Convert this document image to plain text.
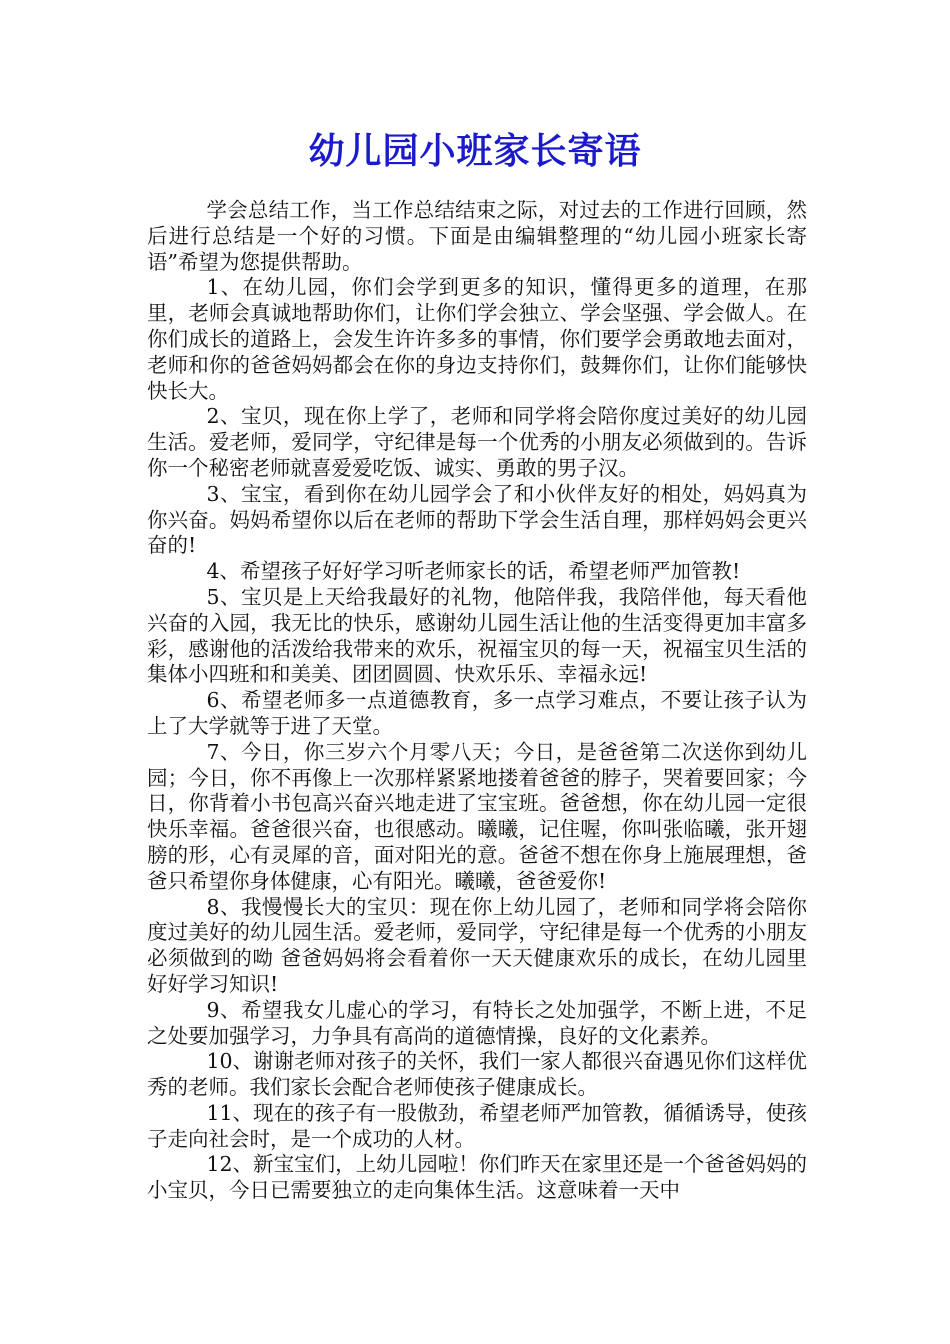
幼儿园小班家长寄语

学会总结工作，当工作总结结束之际，对过去的工作进行回顾，然后进行总结是一个好的习惯。下面是由编辑整理的“幼儿园小班家长寄语”希望为您提供帮助。

1、在幼儿园，你们会学到更多的知识，懂得更多的道理，在那里，老师会真诚地帮助你们，让你们学会独立、学会坚强、学会做人。在你们成长的道路上，会发生许许多多的事情，你们要学会勇敢地去面对，老师和你的爸爸妈妈都会在你的身边支持你们，鼓舞你们，让你们能够快快长大。

2、宝贝，现在你上学了，老师和同学将会陪你度过美好的幼儿园生活。爱老师，爱同学，守纪律是每一个优秀的小朋友必须做到的。告诉你一个秘密老师就喜爱爱吃饭、诚实、勇敢的男子汉。

3、宝宝，看到你在幼儿园学会了和小伙伴友好的相处，妈妈真为你兴奋。妈妈希望你以后在老师的帮助下学会生活自理，那样妈妈会更兴奋的!

4、希望孩子好好学习听老师家长的话，希望老师严加管教!

5、宝贝是上天给我最好的礼物，他陪伴我，我陪伴他，每天看他兴奋的入园，我无比的快乐，感谢幼儿园生活让他的生活变得更加丰富多彩，感谢他的活泼给我带来的欢乐，祝福宝贝的每一天，祝福宝贝生活的集体小四班和和美美、团团圆圆、快欢乐乐、幸福永远!

6、希望老师多一点道德教育，多一点学习难点，不要让孩子认为上了大学就等于进了天堂。

7、今日，你三岁六个月零八天；今日，是爸爸第二次送你到幼儿园；今日，你不再像上一次那样紧紧地搂着爸爸的脖子，哭着要回家；今日，你背着小书包高兴奋兴地走进了宝宝班。爸爸想，你在幼儿园一定很快乐幸福。爸爸很兴奋，也很感动。曦曦，记住喔，你叫张临曦，张开翅膀的形，心有灵犀的音，面对阳光的意。爸爸不想在你身上施展理想，爸爸只希望你身体健康，心有阳光。曦曦，爸爸爱你!

8、我慢慢长大的宝贝：现在你上幼儿园了，老师和同学将会陪你度过美好的幼儿园生活。爱老师，爱同学，守纪律是每一个优秀的小朋友必须做到的呦 爸爸妈妈将会看着你一天天健康欢乐的成长，在幼儿园里好好学习知识!

9、希望我女儿虚心的学习，有特长之处加强学，不断上进，不足之处要加强学习，力争具有高尚的道德情操，良好的文化素养。

10、谢谢老师对孩子的关怀，我们一家人都很兴奋遇见你们这样优秀的老师。我们家长会配合老师使孩子健康成长。

11、现在的孩子有一股傲劲，希望老师严加管教，循循诱导，使孩子走向社会时，是一个成功的人材。

12、新宝宝们，上幼儿园啦！你们昨天在家里还是一个爸爸妈妈的小宝贝，今日已需要独立的走向集体生活。这意味着一天中
